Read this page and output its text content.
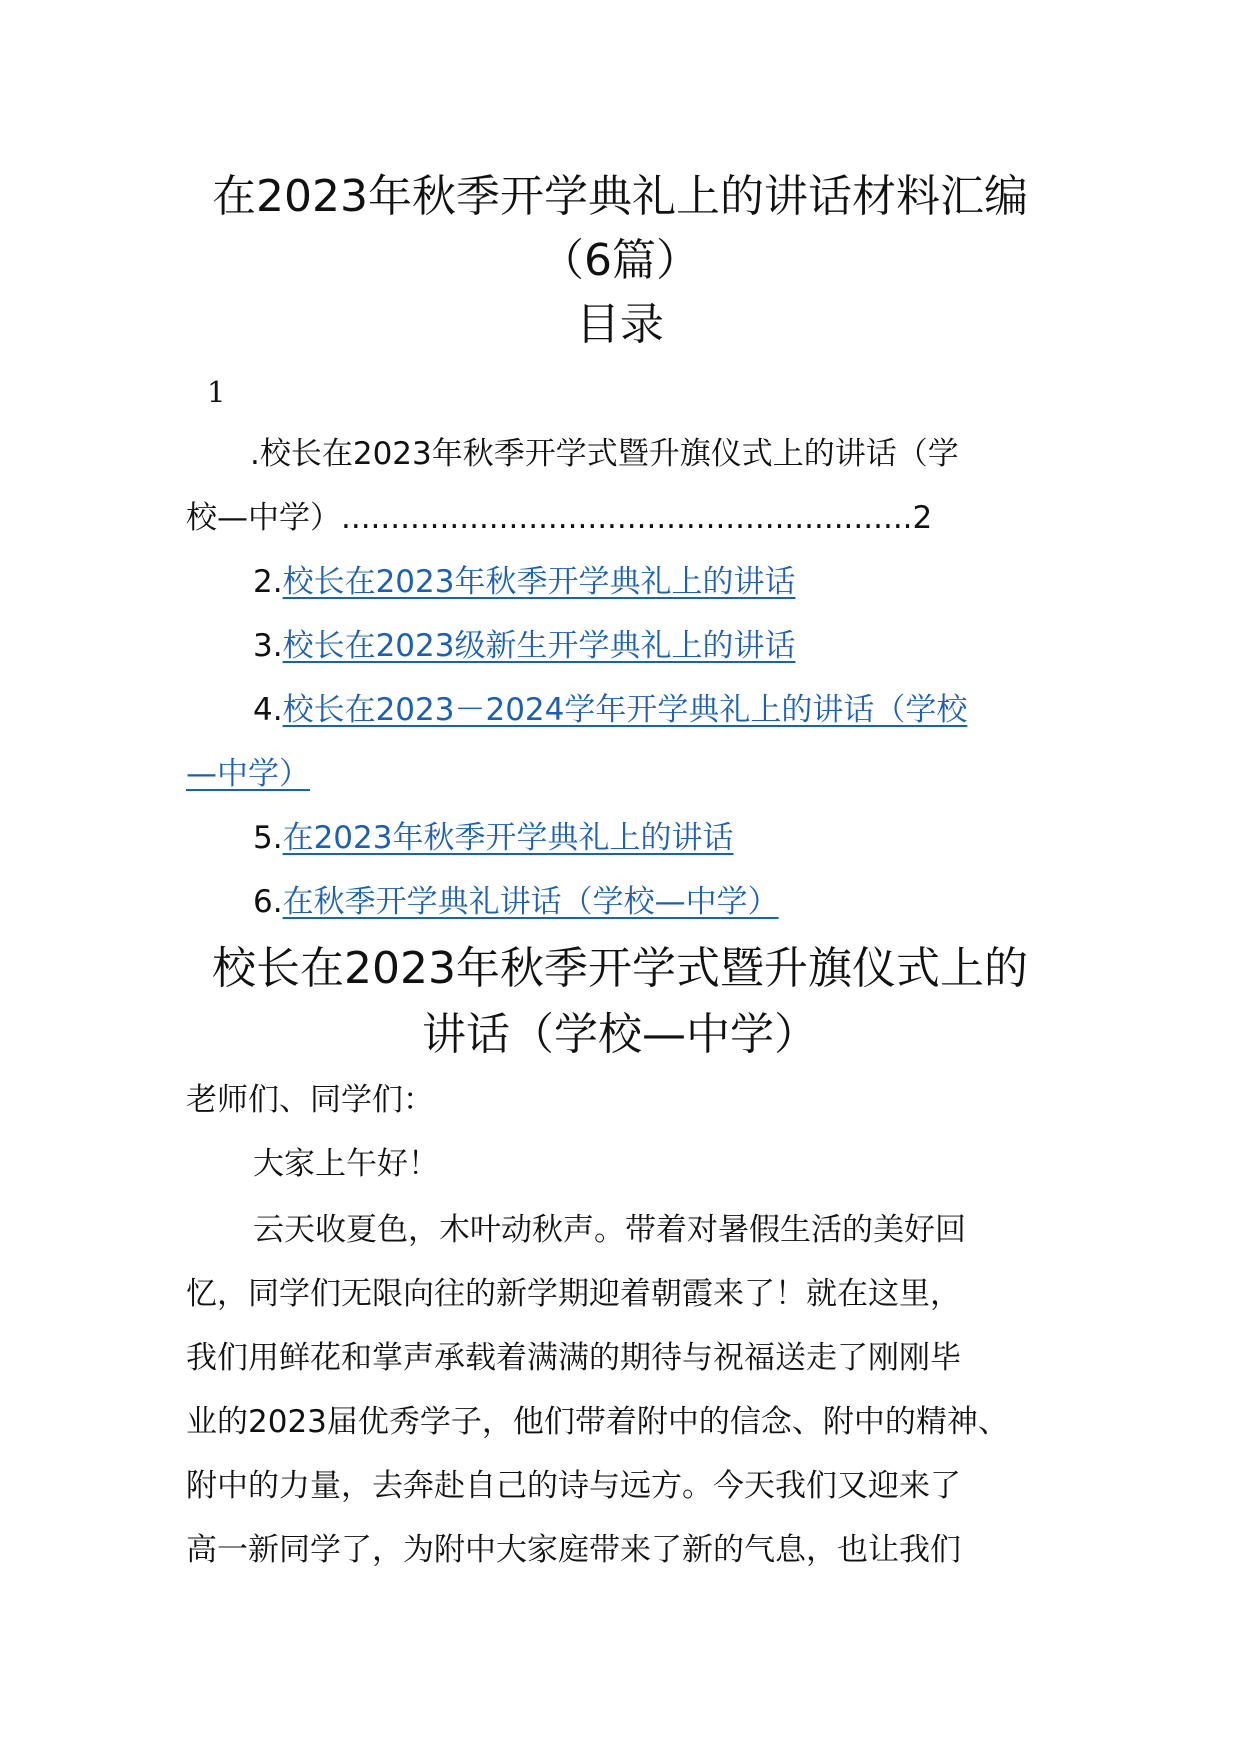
在2023年秋季开学典礼上的讲话材料汇编
（6篇）
目录
1
.校长在2023年秋季开学式暨升旗仪式上的讲话（学
校—中学）..........................................................2
2.校长在2023年秋季开学典礼上的讲话
3.校长在2023级新生开学典礼上的讲话
4.校长在2023－2024学年开学典礼上的讲话（学校
—中学）
5.在2023年秋季开学典礼上的讲话
6.在秋季开学典礼讲话（学校—中学）
校长在2023年秋季开学式暨升旗仪式上的
讲话（学校—中学）
老师们、同学们：
大家上午好！
云天收夏色，木叶动秋声。带着对暑假生活的美好回
忆，同学们无限向往的新学期迎着朝霞来了！就在这里，
我们用鲜花和掌声承载着满满的期待与祝福送走了刚刚毕
业的2023届优秀学子，他们带着附中的信念、附中的精神、
附中的力量，去奔赴自己的诗与远方。今天我们又迎来了
高一新同学了，为附中大家庭带来了新的气息，也让我们
